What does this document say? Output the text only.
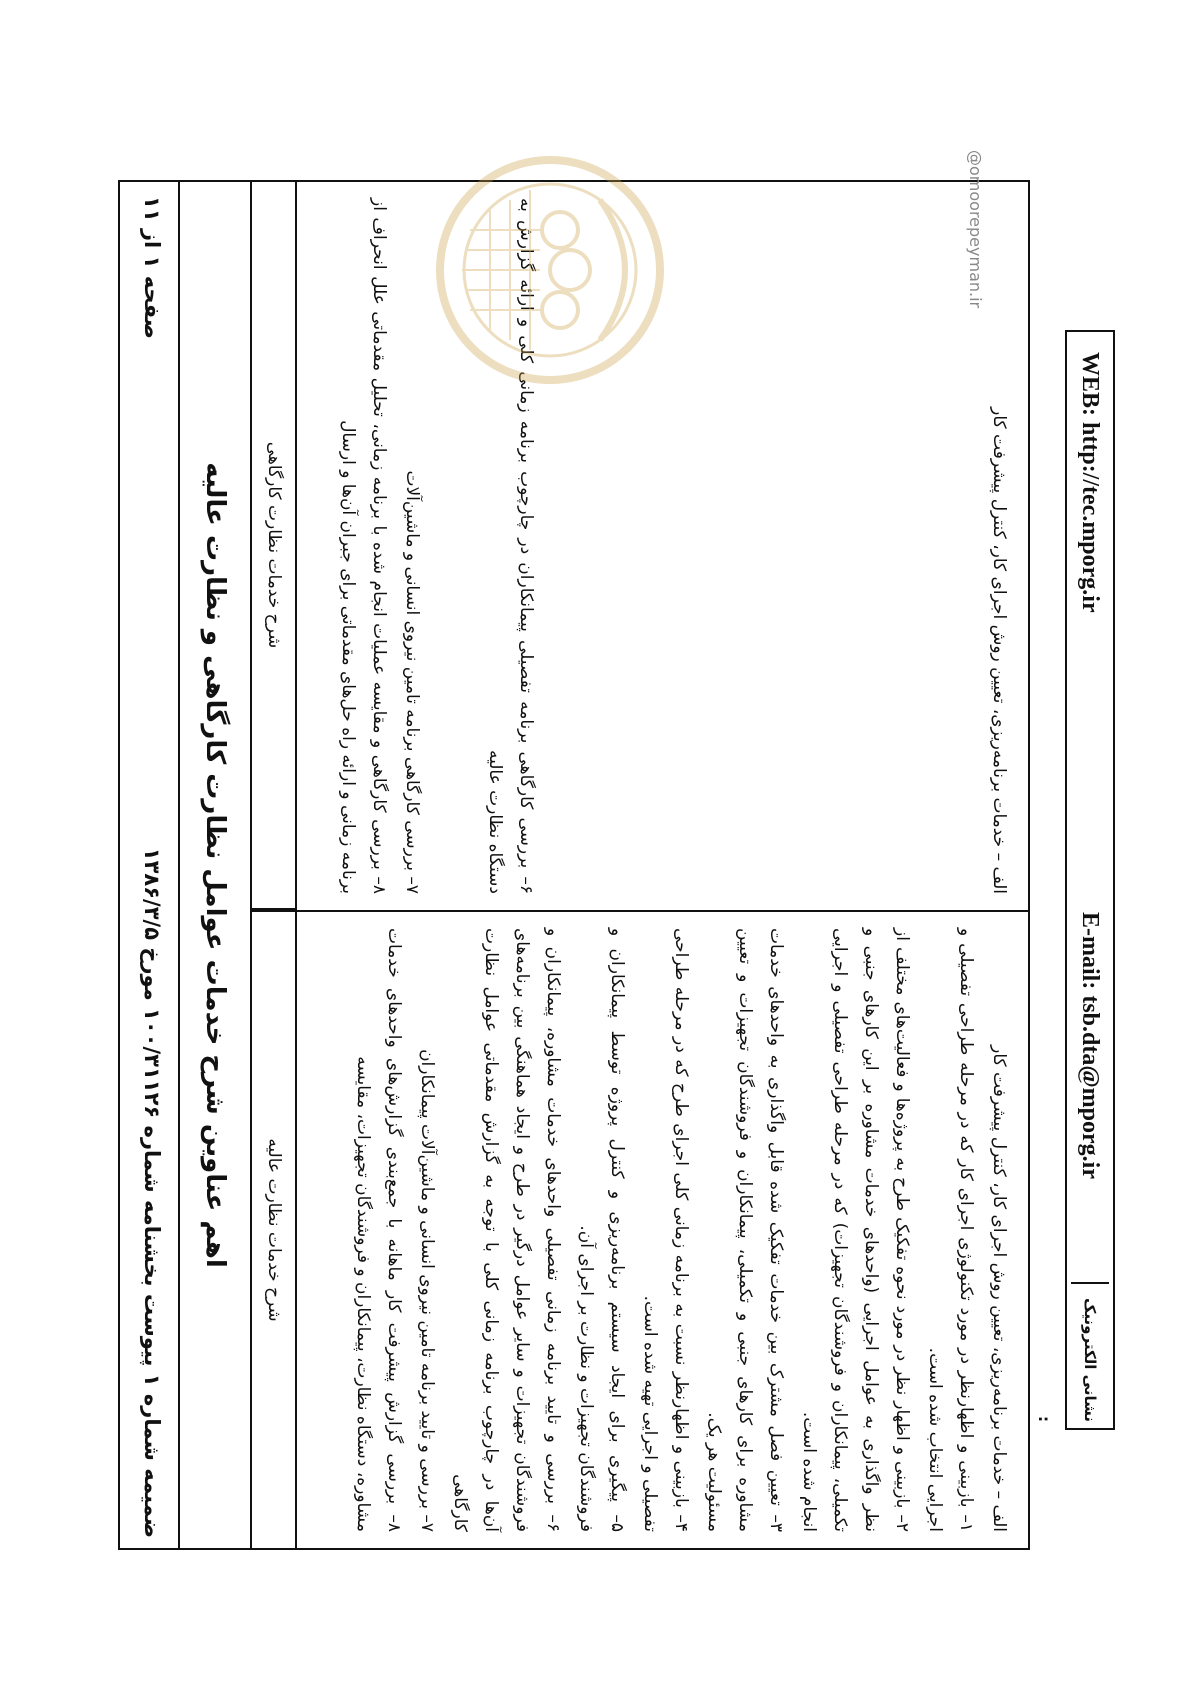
ضمیمه شماره ۱ پیوست بخشنامه شماره ۱۰۰/۳۱۱۲۶ مورخ ۱۳۸۶/۳/۵
صفحه ۱ از ۱۱
اهم عناوین شرح خدمات عوامل نظارت کارگاهی و نظارت عالیه	شرح خدمات نظارت عالیه
شرح خدمات نظارت کارگاهی

الف – خدمات برنامه‌ریزی، تعیین روش اجرای کار، کنترل پیشرفت کار

۱– بازبینی و اظهارنظر در مورد تکنولوژی اجرای کار که در مرحله طراحی تفصیلی و اجرایی انتخاب شده است.

۲– بازبینی و اظهار نظر در مورد نحوه تفکیک طرح به پروژه‌ها و فعالیت‌های مختلف از نظر واگذاری به عوامل اجرایی (واحدهای خدمات مشاوره بر این کارهای جنبی و تکمیلی، پیمانکاران و فروشندگان تجهیزات) که در مرحله طراحی تفصیلی و اجرایی انجام شده است.

۳– تعیین فصل مشترک بین خدمات تفکیک شده قابل واگذاری به واحدهای خدمات مشاوره برای کارهای جنبی و تکمیلی، پیمانکاران و فروشندگان تجهیزات و تعیین مسئولیت هر یک.

۴– بازبینی و اظهارنظر نسبت به برنامه زمانی کلی اجرای طرح که در مرحله طراحی تفصیلی و اجرایی تهیه شده است.

۵– پیگیری برای ایجاد سیستم برنامه‌ریزی و کنترل پروژه توسط پیمانکاران و فروشندگان تجهیزات و نظارت بر اجرای آن.

۶– بررسی و تایید برنامه زمانی تفصیلی واحدهای خدمات مشاوره، پیمانکاران و فروشندگان تجهیزات و سایر عوامل درگیر در طرح و ایجاد هماهنگی بین برنامه‌های آن‌ها در چارچوب برنامه زمانی کلی با توجه به گزارش مقدماتی عوامل نظارت کارگاهی

۷– بررسی و تایید برنامه تامین نیروی انسانی و ماشین‌آلات پیمانکاران

۸– بررسی گزارش پیشرفت کار ماهانه با جمع‌بندی گزارش‌های واحدهای خدمات مشاوره، دستگاه نظارت، پیمانکاران و فروشندگان تجهیزات، مقایسه

الف – خدمات برنامه‌ریزی، تعیین روش اجرای کار، کنترل پیشرفت کار

۶– بررسی کارگاهی برنامه تفصیلی پیمانکاران در چارچوب برنامه زمانی کلی و ارائه گزارش به دستگاه نظارت عالیه

۷– بررسی کارگاهی برنامه تامین نیروی انسانی و ماشین‌آلات

۸– بررسی کارگاهی و مقایسه عملیات انجام شده با برنامه زمانی، تحلیل مقدماتی علل انحراف از برنامه زمانی و ارائه راه حل‌های مقدماتی برای جبران آن‌ها و ارسال

@omoorepeyman.ir
WEB: http://tec.mporg.ir
E-mail: tsb.dta@mporg.ir
نشانی الکترونیک :
